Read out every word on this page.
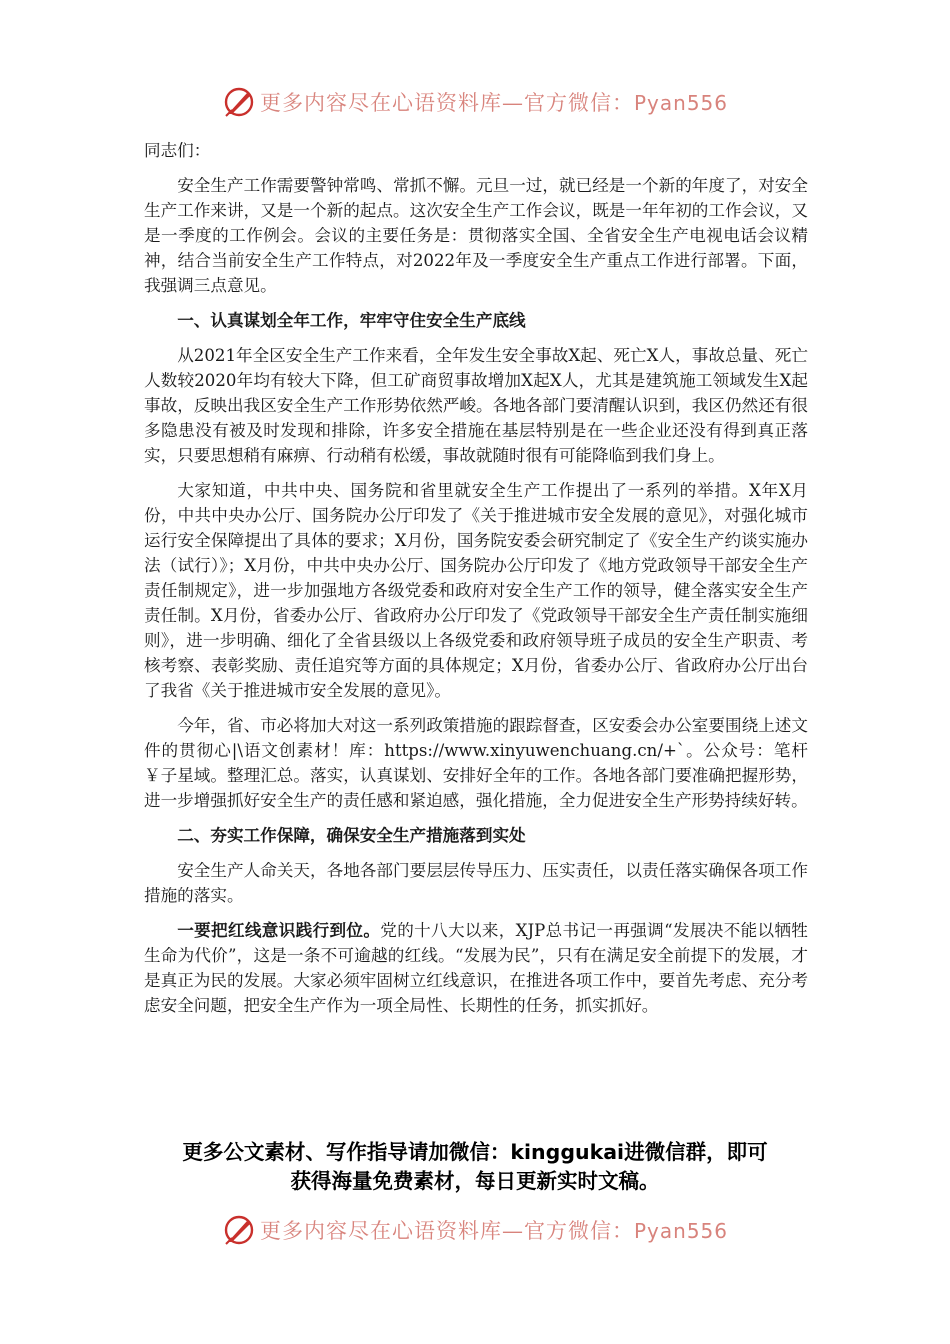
更多内容尽在心语资料库—官方微信：Pyan556

同志们：

安全生产工作需要警钟常鸣、常抓不懈。元旦一过，就已经是一个新的年度了，对安全生产工作来讲，又是一个新的起点。这次安全生产工作会议，既是一年年初的工作会议，又是一季度的工作例会。会议的主要任务是：贯彻落实全国、全省安全生产电视电话会议精神，结合当前安全生产工作特点，对2022年及一季度安全生产重点工作进行部署。下面，我强调三点意见。

一、认真谋划全年工作，牢牢守住安全生产底线

从2021年全区安全生产工作来看，全年发生安全事故X起、死亡X人，事故总量、死亡人数较2020年均有较大下降，但工矿商贸事故增加X起X人，尤其是建筑施工领域发生X起事故，反映出我区安全生产工作形势依然严峻。各地各部门要清醒认识到，我区仍然还有很多隐患没有被及时发现和排除，许多安全措施在基层特别是在一些企业还没有得到真正落实，只要思想稍有麻痹、行动稍有松缓，事故就随时很有可能降临到我们身上。

大家知道，中共中央、国务院和省里就安全生产工作提出了一系列的举措。X年X月份，中共中央办公厅、国务院办公厅印发了《关于推进城市安全发展的意见》，对强化城市运行安全保障提出了具体的要求；X月份，国务院安委会研究制定了《安全生产约谈实施办法（试行）》；X月份，中共中央办公厅、国务院办公厅印发了《地方党政领导干部安全生产责任制规定》，进一步加强地方各级党委和政府对安全生产工作的领导，健全落实安全生产责任制。X月份，省委办公厅、省政府办公厅印发了《党政领导干部安全生产责任制实施细则》，进一步明确、细化了全省县级以上各级党委和政府领导班子成员的安全生产职责、考核考察、表彰奖励、责任追究等方面的具体规定；X月份，省委办公厅、省政府办公厅出台了我省《关于推进城市安全发展的意见》。

今年，省、市必将加大对这一系列政策措施的跟踪督查，区安委会办公室要围绕上述文件的贯彻心|\语文创素材！库：https://www.xinyuwenchuang.cn/+`。公众号：笔杆￥子星域。整理汇总。落实，认真谋划、安排好全年的工作。各地各部门要准确把握形势，进一步增强抓好安全生产的责任感和紧迫感，强化措施，全力促进安全生产形势持续好转。

二、夯实工作保障，确保安全生产措施落到实处

安全生产人命关天，各地各部门要层层传导压力、压实责任，以责任落实确保各项工作措施的落实。

一要把红线意识践行到位。党的十八大以来，XJP总书记一再强调“发展决不能以牺牲生命为代价”，这是一条不可逾越的红线。“发展为民”，只有在满足安全前提下的发展，才是真正为民的发展。大家必须牢固树立红线意识，在推进各项工作中，要首先考虑、充分考虑安全问题，把安全生产作为一项全局性、长期性的任务，抓实抓好。

更多公文素材、写作指导请加微信：kinggukai进微信群，即可
获得海量免费素材，每日更新实时文稿。
更多内容尽在心语资料库—官方微信：Pyan556
